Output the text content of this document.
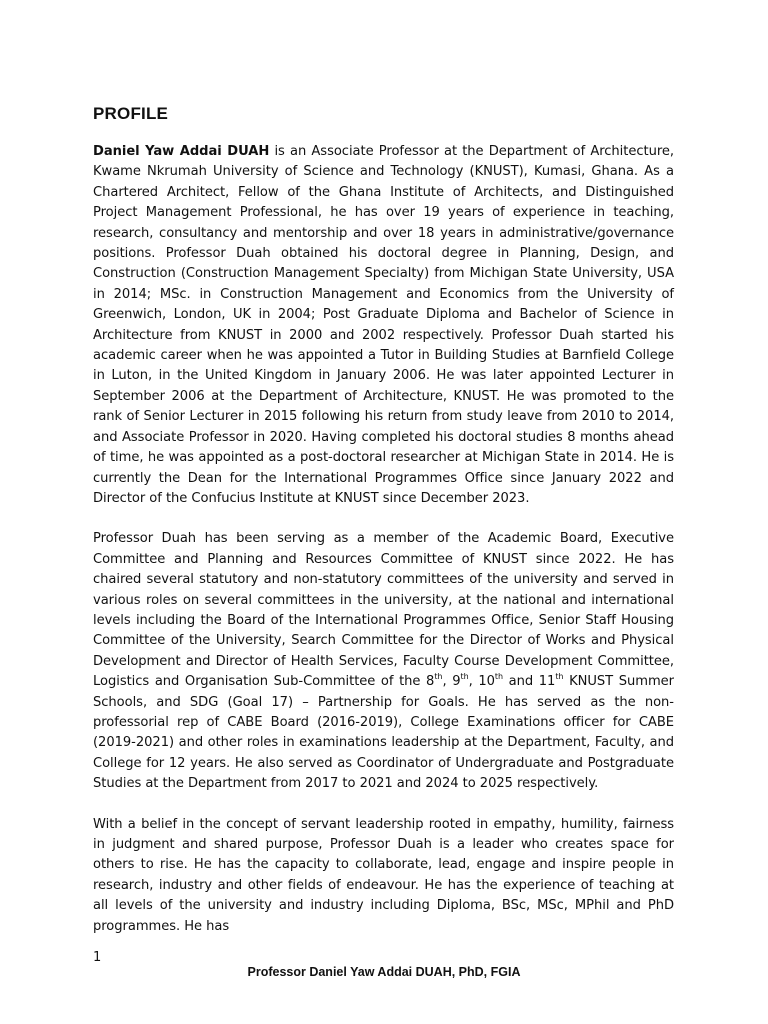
PROFILE

Daniel Yaw Addai DUAH is an Associate Professor at the Department of Architecture, Kwame Nkrumah University of Science and Technology (KNUST), Kumasi, Ghana. As a Chartered Architect, Fellow of the Ghana Institute of Architects, and Distinguished Project Management Professional, he has over 19 years of experience in teaching, research, consultancy and mentorship and over 18 years in administrative/governance positions. Professor Duah obtained his doctoral degree in Planning, Design, and Construction (Construction Management Specialty) from Michigan State University, USA in 2014; MSc. in Construction Management and Economics from the University of Greenwich, London, UK in 2004; Post Graduate Diploma and Bachelor of Science in Architecture from KNUST in 2000 and 2002 respectively. Professor Duah started his academic career when he was appointed a Tutor in Building Studies at Barnfield College in Luton, in the United Kingdom in January 2006. He was later appointed Lecturer in September 2006 at the Department of Architecture, KNUST. He was promoted to the rank of Senior Lecturer in 2015 following his return from study leave from 2010 to 2014, and Associate Professor in 2020. Having completed his doctoral studies 8 months ahead of time, he was appointed as a post-doctoral researcher at Michigan State in 2014. He is currently the Dean for the International Programmes Office since January 2022 and Director of the Confucius Institute at KNUST since December 2023.

Professor Duah has been serving as a member of the Academic Board, Executive Committee and Planning and Resources Committee of KNUST since 2022. He has chaired several statutory and non-statutory committees of the university and served in various roles on several committees in the university, at the national and international levels including the Board of the International Programmes Office, Senior Staff Housing Committee of the University, Search Committee for the Director of Works and Physical Development and Director of Health Services, Faculty Course Development Committee, Logistics and Organisation Sub-Committee of the 8th, 9th, 10th and 11th KNUST Summer Schools, and SDG (Goal 17) – Partnership for Goals. He has served as the non-professorial rep of CABE Board (2016-2019), College Examinations officer for CABE (2019-2021) and other roles in examinations leadership at the Department, Faculty, and College for 12 years. He also served as Coordinator of Undergraduate and Postgraduate Studies at the Department from 2017 to 2021 and 2024 to 2025 respectively.

With a belief in the concept of servant leadership rooted in empathy, humility, fairness in judgment and shared purpose, Professor Duah is a leader who creates space for others to rise. He has the capacity to collaborate, lead, engage and inspire people in research, industry and other fields of endeavour. He has the experience of teaching at all levels of the university and industry including Diploma, BSc, MSc, MPhil and PhD programmes. He has

1
Professor Daniel Yaw Addai DUAH, PhD, FGIA
